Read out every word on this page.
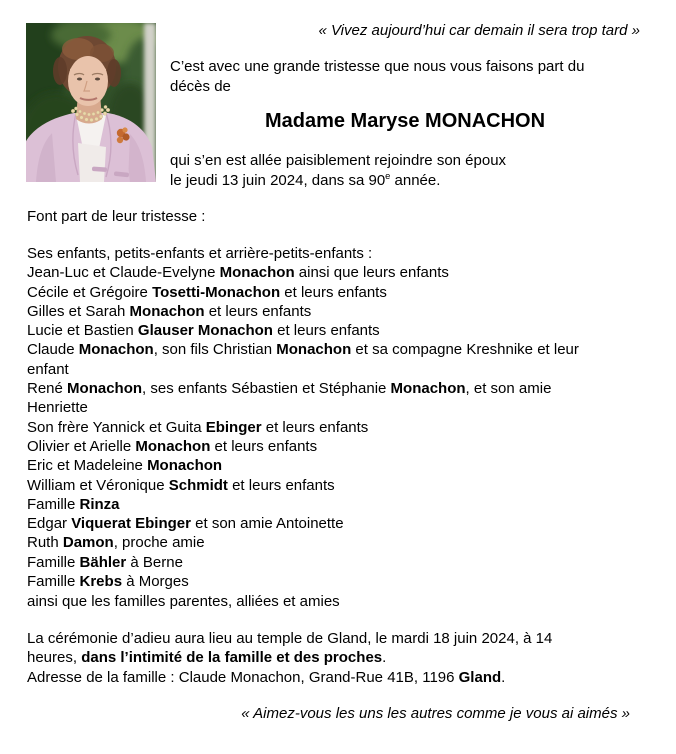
« Vivez aujourd’hui car demain il sera trop tard »
C’est avec une grande tristesse que nous vous faisons part du
décès de
Madame Maryse MONACHON
qui s’en est allée paisiblement rejoindre son époux
le jeudi 13 juin 2024, dans sa 90e année.
Font part de leur tristesse :
Ses enfants, petits-enfants et arrière-petits-enfants :
Jean-Luc et Claude-Evelyne Monachon ainsi que leurs enfants
Cécile et Grégoire Tosetti-Monachon et leurs enfants
Gilles et Sarah Monachon et leurs enfants
Lucie et Bastien Glauser Monachon et leurs enfants
Claude Monachon, son fils Christian Monachon et sa compagne Kreshnike et leur
enfant
René Monachon, ses enfants Sébastien et Stéphanie Monachon, et son amie
Henriette
Son frère Yannick et Guita Ebinger et leurs enfants
Olivier et Arielle Monachon et leurs enfants
Eric et Madeleine Monachon
William et Véronique Schmidt et leurs enfants
Famille Rinza
Edgar Viquerat Ebinger et son amie Antoinette
Ruth Damon, proche amie
Famille Bähler à Berne
Famille Krebs à Morges
ainsi que les familles parentes, alliées et amies
La cérémonie d’adieu aura lieu au temple de Gland, le mardi 18 juin 2024, à 14
heures, dans l’intimité de la famille et des proches.
Adresse de la famille : Claude Monachon, Grand-Rue 41B, 1196 Gland.
« Aimez-vous les uns les autres comme je vous ai aimés »
